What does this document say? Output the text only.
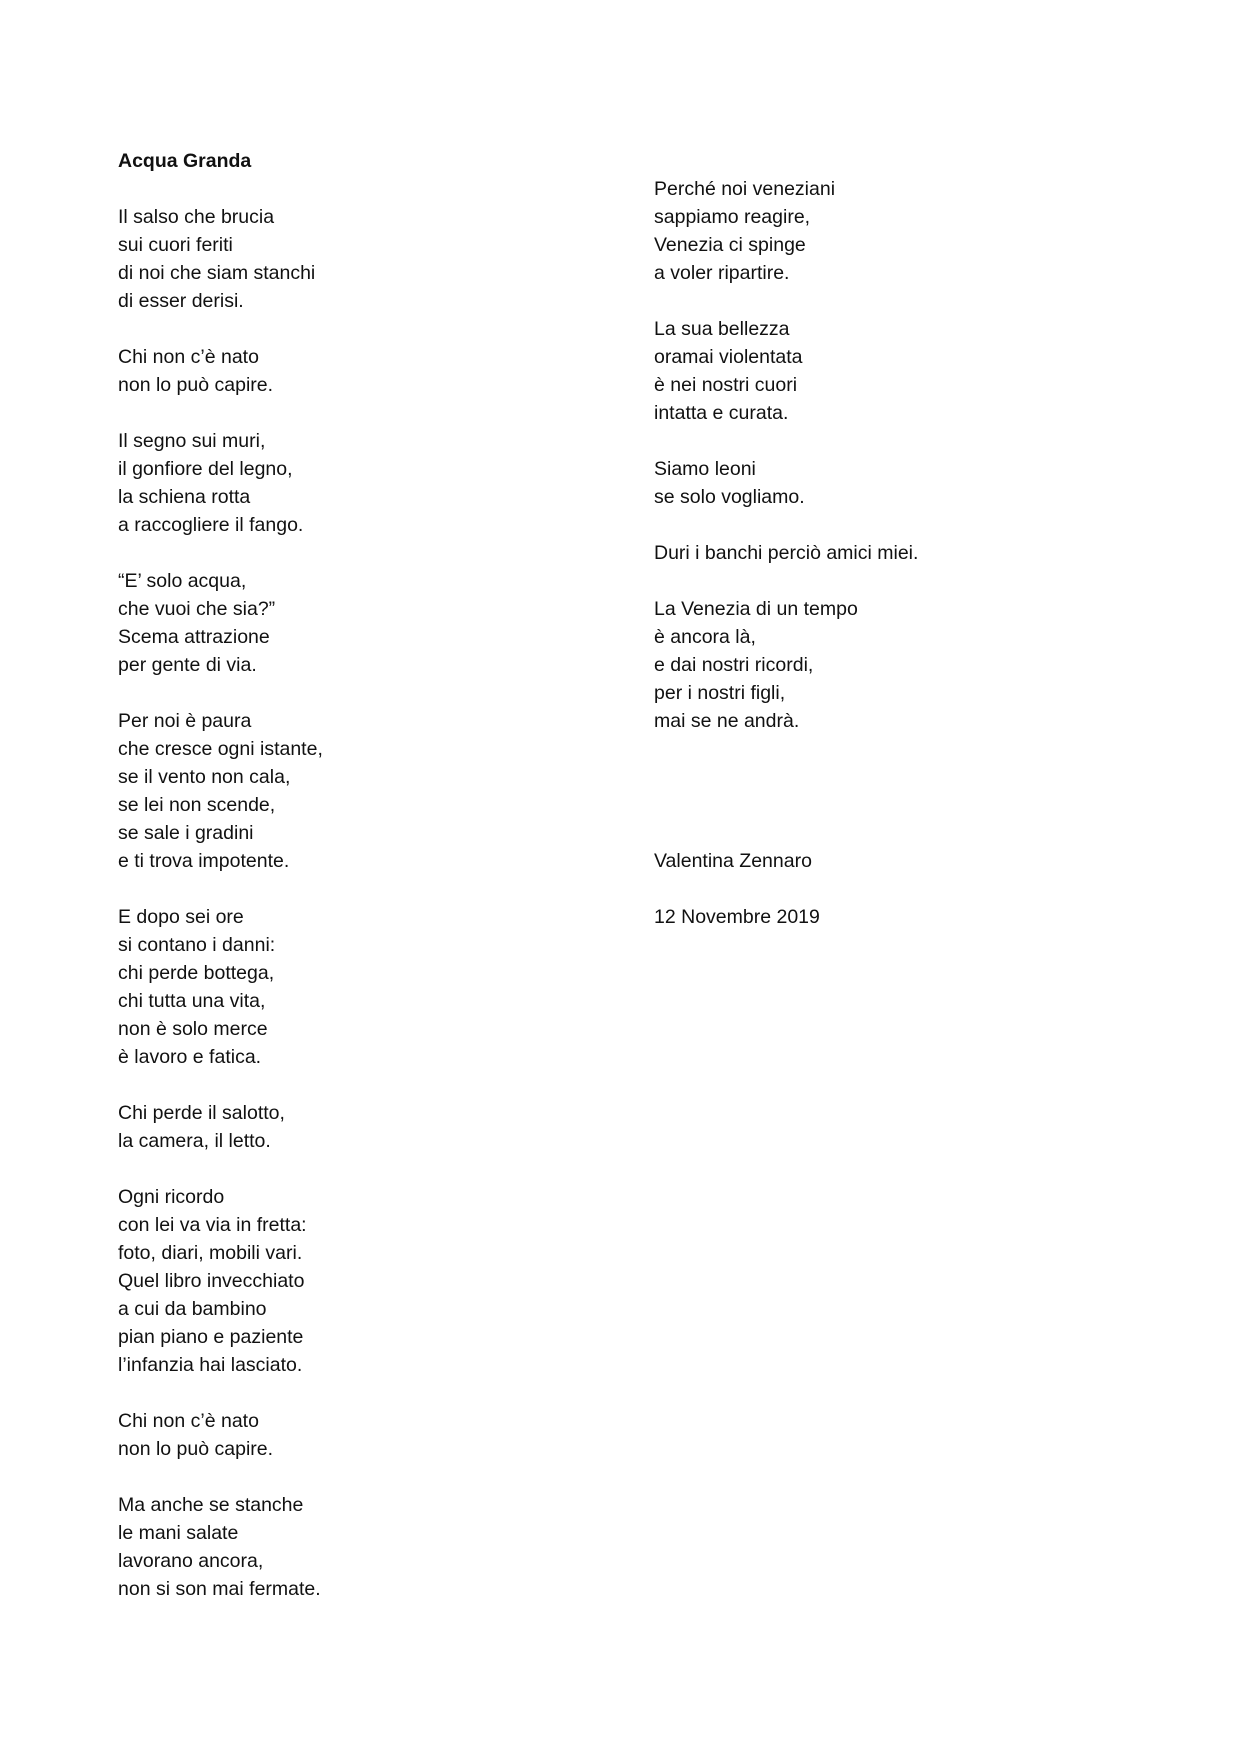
Acqua Granda
Il salso che brucia
sui cuori feriti
di noi che siam stanchi
di esser derisi.
Chi non c’è nato
non lo può capire.
Il segno sui muri,
il gonfiore del legno,
la schiena rotta
a raccogliere il fango.
“E’ solo acqua,
che vuoi che sia?”
Scema attrazione
per gente di via.
Per noi è paura
che cresce ogni istante,
se il vento non cala,
se lei non scende,
se sale i gradini
e ti trova impotente.
E dopo sei ore
si contano i danni:
chi perde bottega,
chi tutta una vita,
non è solo merce
è lavoro e fatica.
Chi perde il salotto,
la camera, il letto.
Ogni ricordo
con lei va via in fretta:
foto, diari, mobili vari.
Quel libro invecchiato
a cui da bambino
pian piano e paziente
l’infanzia hai lasciato.
Chi non c’è nato
non lo può capire.
Ma anche se stanche
le mani salate
lavorano ancora,
non si son mai fermate.
Perché noi veneziani
sappiamo reagire,
Venezia ci spinge
a voler ripartire.
La sua bellezza
oramai violentata
è nei nostri cuori
intatta e curata.
Siamo leoni
se solo vogliamo.
Duri i banchi perciò amici miei.
La Venezia di un tempo
è ancora là,
e dai nostri ricordi,
per i nostri figli,
mai se ne andrà.
Valentina Zennaro
12 Novembre 2019
